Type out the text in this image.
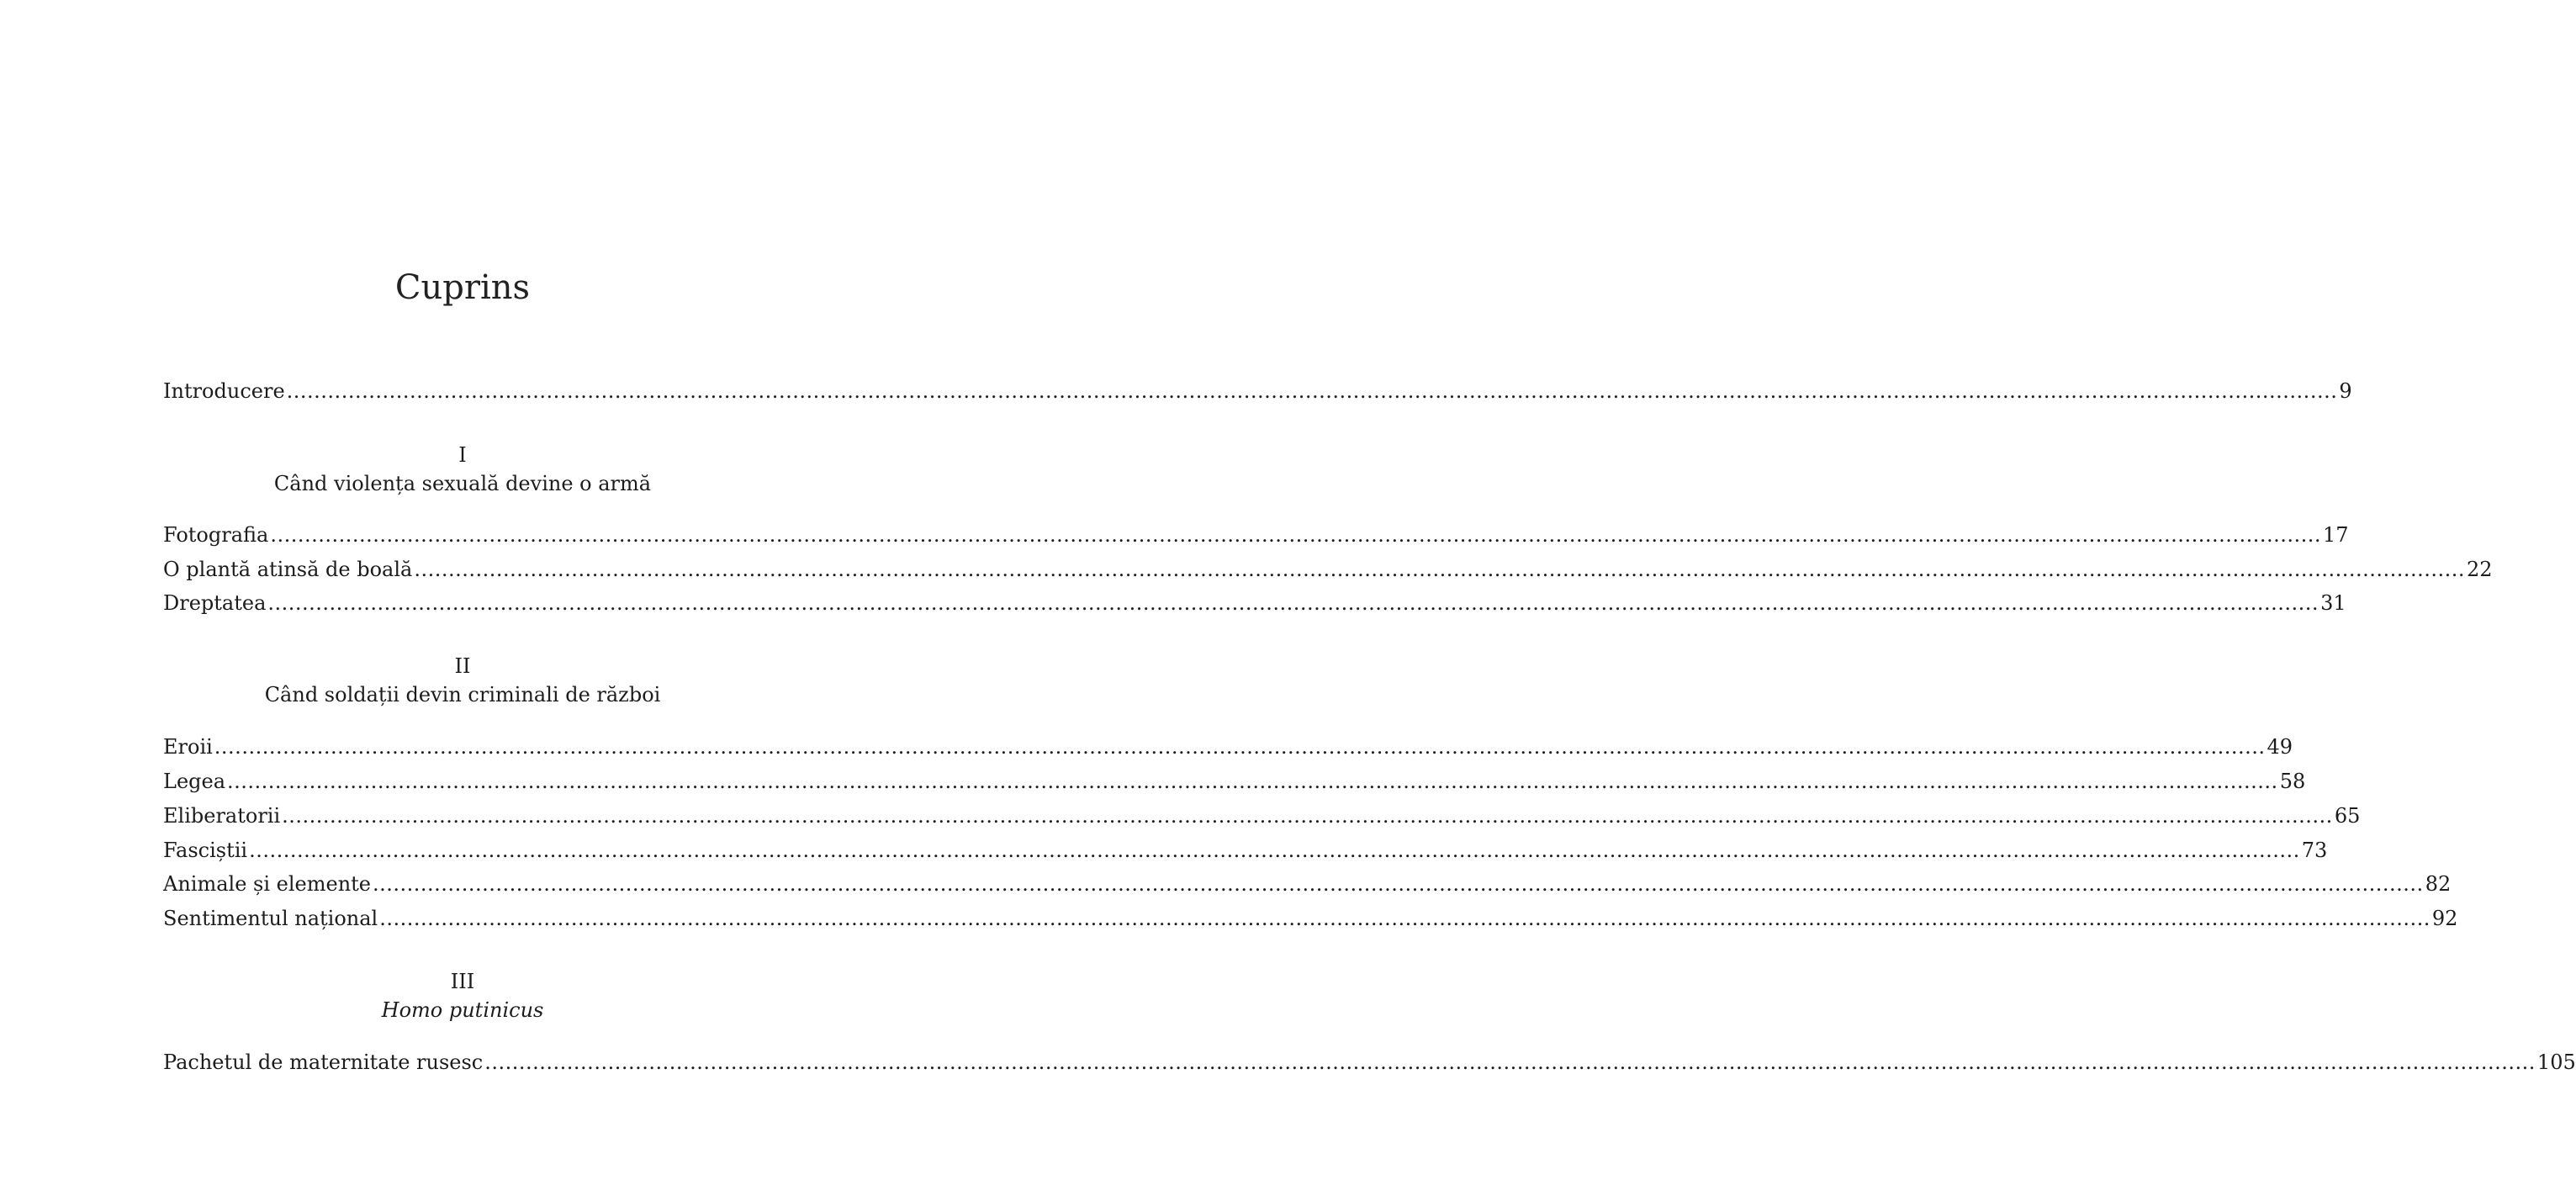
Cuprins
Introducere ............................................................................................................................................................................................................................................................................................................ 9
I
Când violența sexuală devine o armă
Fotografia ............................................................................................................................................................................................................................................................................................................ 17
O plantă atinsă de boală ............................................................................................................................................................................................................................................................................................................ 22
Dreptatea ............................................................................................................................................................................................................................................................................................................ 31
II
Când soldații devin criminali de război
Eroii ............................................................................................................................................................................................................................................................................................................ 49
Legea ............................................................................................................................................................................................................................................................................................................ 58
Eliberatorii ............................................................................................................................................................................................................................................................................................................ 65
Fasciștii ............................................................................................................................................................................................................................................................................................................ 73
Animale și elemente ............................................................................................................................................................................................................................................................................................................ 82
Sentimentul național ............................................................................................................................................................................................................................................................................................................ 92
III
Homo putinicus
Pachetul de maternitate rusesc ............................................................................................................................................................................................................................................................................................................ 105
